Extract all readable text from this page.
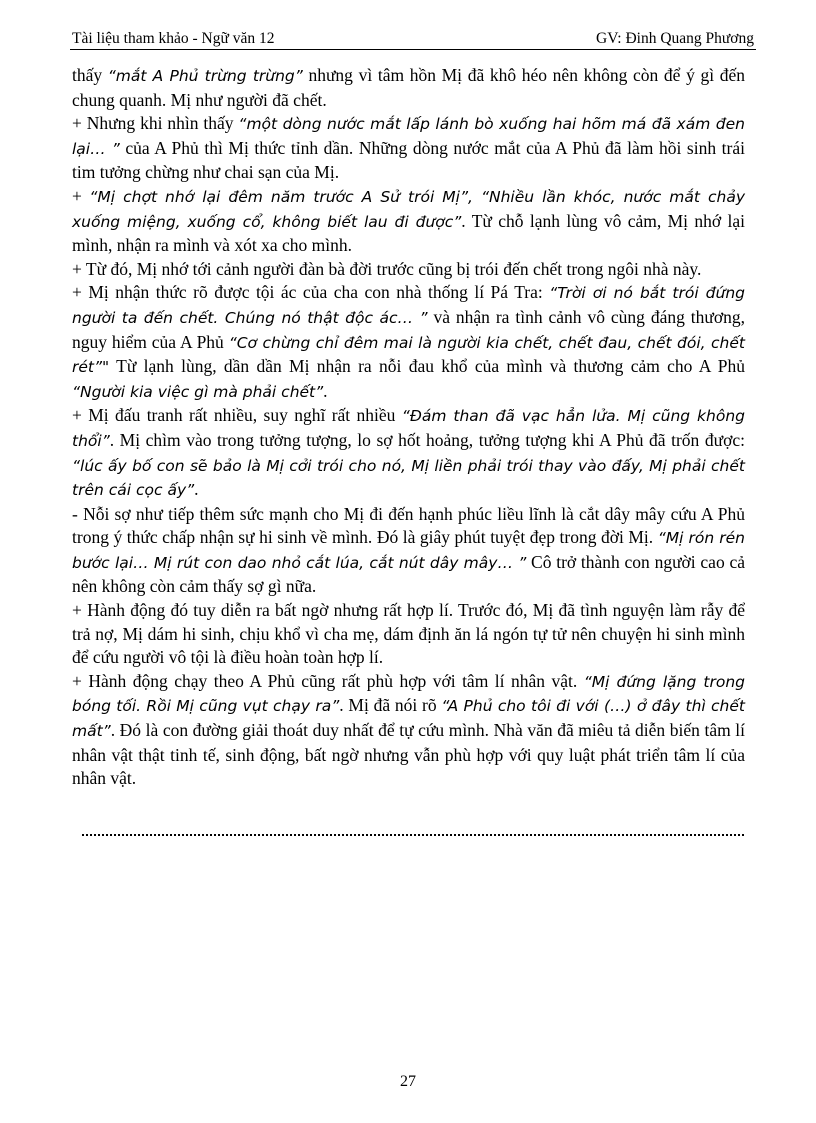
Tài liệu tham khảo - Ngữ văn 12	GV: Đinh Quang Phương

thấy “mắt A Phủ trừng trừng” nhưng vì tâm hồn Mị đã khô héo nên không còn để ý gì đến chung quanh. Mị như người đã chết.

+ Nhưng khi nhìn thấy “một dòng nước mắt lấp lánh bò xuống hai hõm má đã xám đen lại… ” của A Phủ thì Mị thức tỉnh dần. Những dòng nước mắt của A Phủ đã làm hồi sinh trái tim tưởng chừng như chai sạn của Mị.

+ “Mị chợt nhớ lại đêm năm trước A Sử trói Mị”, “Nhiều lần khóc, nước mắt chảy xuống miệng, xuống cổ, không biết lau đi được”. Từ chỗ lạnh lùng vô cảm, Mị nhớ lại mình, nhận ra mình và xót xa cho mình.

+ Từ đó, Mị nhớ tới cảnh người đàn bà đời trước cũng bị trói đến chết trong ngôi nhà này.

+ Mị nhận thức rõ được tội ác của cha con nhà thống lí Pá Tra: “Trời ơi nó bắt trói đứng người ta đến chết. Chúng nó thật độc ác… ” và nhận ra tình cảnh vô cùng đáng thương, nguy hiểm của A Phủ “Cơ chừng chỉ đêm mai là người kia chết, chết đau, chết đói, chết rét”" Từ lạnh lùng, dần dần Mị nhận ra nỗi đau khổ của mình và thương cảm cho A Phủ “Người kia việc gì mà phải chết”.

+ Mị đấu tranh rất nhiều, suy nghĩ rất nhiều “Đám than đã vạc hẳn lửa. Mị cũng không thổi”. Mị chìm vào trong tưởng tượng, lo sợ hốt hoảng, tưởng tượng khi A Phủ đã trốn được: “lúc ấy bố con sẽ bảo là Mị cởi trói cho nó, Mị liền phải trói thay vào đấy, Mị phải chết trên cái cọc ấy”.

- Nỗi sợ như tiếp thêm sức mạnh cho Mị đi đến hạnh phúc liều lĩnh là cắt dây mây cứu A Phủ trong ý thức chấp nhận sự hi sinh về mình. Đó là giây phút tuyệt đẹp trong đời Mị. “Mị rón rén bước lại… Mị rút con dao nhỏ cắt lúa, cắt nút dây mây… ” Cô trở thành con người cao cả nên không còn cảm thấy sợ gì nữa.

+ Hành động đó tuy diễn ra bất ngờ nhưng rất hợp lí. Trước đó, Mị đã tình nguyện làm rẫy để trả nợ, Mị dám hi sinh, chịu khổ vì cha mẹ, dám định ăn lá ngón tự tử nên chuyện hi sinh mình để cứu người vô tội là điều hoàn toàn hợp lí.

+ Hành động chạy theo A Phủ cũng rất phù hợp với tâm lí nhân vật. “Mị đứng lặng trong bóng tối. Rồi Mị cũng vụt chạy ra”. Mị đã nói rõ “A Phủ cho tôi đi với (…) ở đây thì chết mất”. Đó là con đường giải thoát duy nhất để tự cứu mình. Nhà văn đã miêu tả diễn biến tâm lí nhân vật thật tinh tế, sinh động, bất ngờ nhưng vẫn phù hợp với quy luật phát triển tâm lí của nhân vật.

27
